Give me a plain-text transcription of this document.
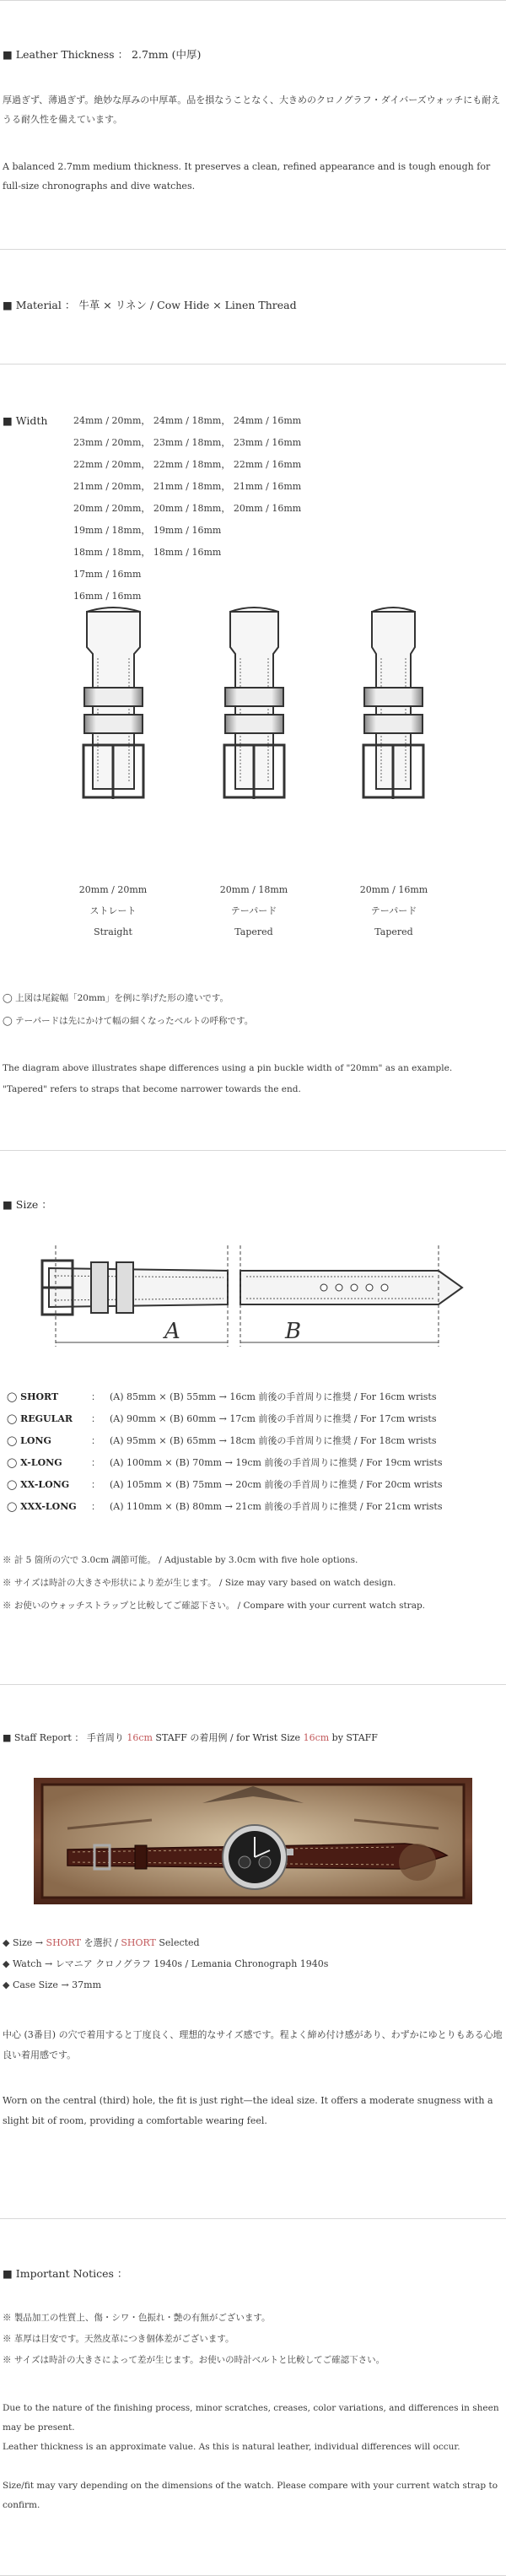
■ Leather Thickness ： 2.7mm (中厚)
厚過ぎず、薄過ぎず。絶妙な厚みの中厚革。品を損なうことなく、大きめのクロノグラフ・ダイバーズウォッチにも耐えうる耐久性を備えています。
A balanced 2.7mm medium thickness. It preserves a clean, refined appearance and is tough enough for full-size chronographs and dive watches.
■ Material ： 牛革 × リネン / Cow Hide × Linen Thread
■ Width	24mm / 20mm， 24mm / 18mm， 24mm / 16mm
23mm / 20mm， 23mm / 18mm， 23mm / 16mm
22mm / 20mm， 22mm / 18mm， 22mm / 16mm
21mm / 20mm， 21mm / 18mm， 21mm / 16mm
20mm / 20mm， 20mm / 18mm， 20mm / 16mm
19mm / 18mm， 19mm / 16mm
18mm / 18mm， 18mm / 16mm
17mm / 16mm
16mm / 16mm
20mm / 20mm
ストレート
Straight
20mm / 18mm
テーパード
Tapered
20mm / 16mm
テーパード
Tapered
◯ 上図は尾錠幅「20mm」を例に挙げた形の違いです。
◯ テーパードは先にかけて幅の細くなったベルトの呼称です。
The diagram above illustrates shape differences using a pin buckle width of "20mm" as an example.
"Tapered" refers to straps that become narrower towards the end.
■ Size ：
A	B
◯ SHORT	： (A) 85mm × (B) 55mm → 16cm 前後の手首周りに推奨 / For 16cm wrists
◯ REGULAR ： (A) 90mm × (B) 60mm → 17cm 前後の手首周りに推奨 / For 17cm wrists
◯ LONG	： (A) 95mm × (B) 65mm → 18cm 前後の手首周りに推奨 / For 18cm wrists
◯ X-LONG	： (A) 100mm × (B) 70mm → 19cm 前後の手首周りに推奨 / For 19cm wrists
◯ XX-LONG ： (A) 105mm × (B) 75mm → 20cm 前後の手首周りに推奨 / For 20cm wrists
◯ XXX-LONG ： (A) 110mm × (B) 80mm → 21cm 前後の手首周りに推奨 / For 21cm wrists
※ 計 5 箇所の穴で 3.0cm 調節可能。 / Adjustable by 3.0cm with five hole options.
※ サイズは時計の大きさや形状により差が生じます。 / Size may vary based on watch design.
※ お使いのウォッチストラップと比較してご確認下さい。 / Compare with your current watch strap.
■ Staff Report ： 手首周り 16cm STAFF の着用例 / for Wrist Size 16cm by STAFF
◆ Size → SHORT を選択 / SHORT Selected
◆ Watch → レマニア クロノグラフ 1940s / Lemania Chronograph 1940s
◆ Case Size → 37mm
中心 (3番目) の穴で着用すると丁度良く、理想的なサイズ感です。程よく締め付け感があり、わずかにゆとりもある心地良い着用感です。
Worn on the central (third) hole, the fit is just right—the ideal size. It offers a moderate snugness with a slight bit of room, providing a comfortable wearing feel.
■ Important Notices ：
※ 製品加工の性質上、傷・シワ・色振れ・艶の有無がございます。
※ 革厚は目安です。天然皮革につき個体差がございます。
※ サイズは時計の大きさによって差が生じます。お使いの時計ベルトと比較してご確認下さい。
Due to the nature of the finishing process, minor scratches, creases, color variations, and differences in sheen may be present.
Leather thickness is an approximate value. As this is natural leather, individual differences will occur.
Size/fit may vary depending on the dimensions of the watch. Please compare with your current watch strap to confirm.
